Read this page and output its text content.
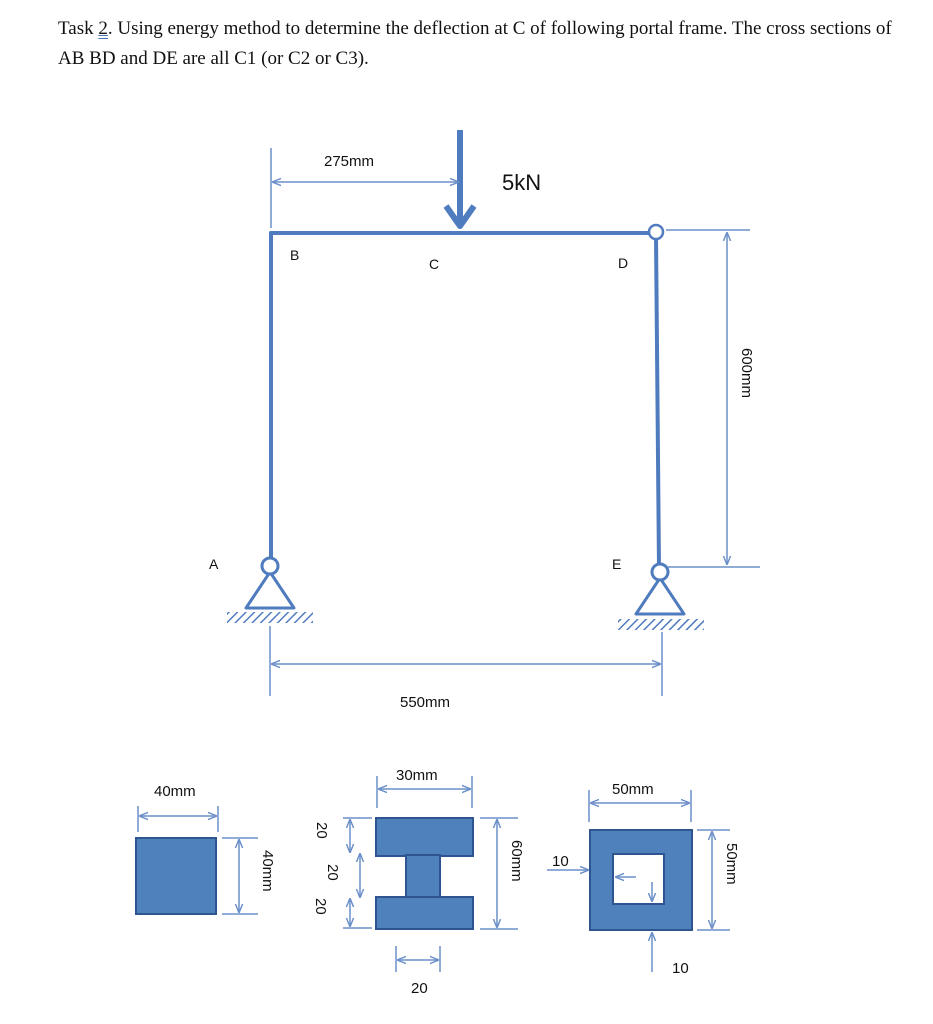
Task 2. Using energy method to determine the deflection at C of following portal frame. The cross sections of AB BD and DE are all C1 (or C2 or C3).
5kN
A
B
C	D
E
275mm
550mm
600mm
40mm
40mm
30mm
60mm
20
20
20
20
50mm
50mm
10
10
